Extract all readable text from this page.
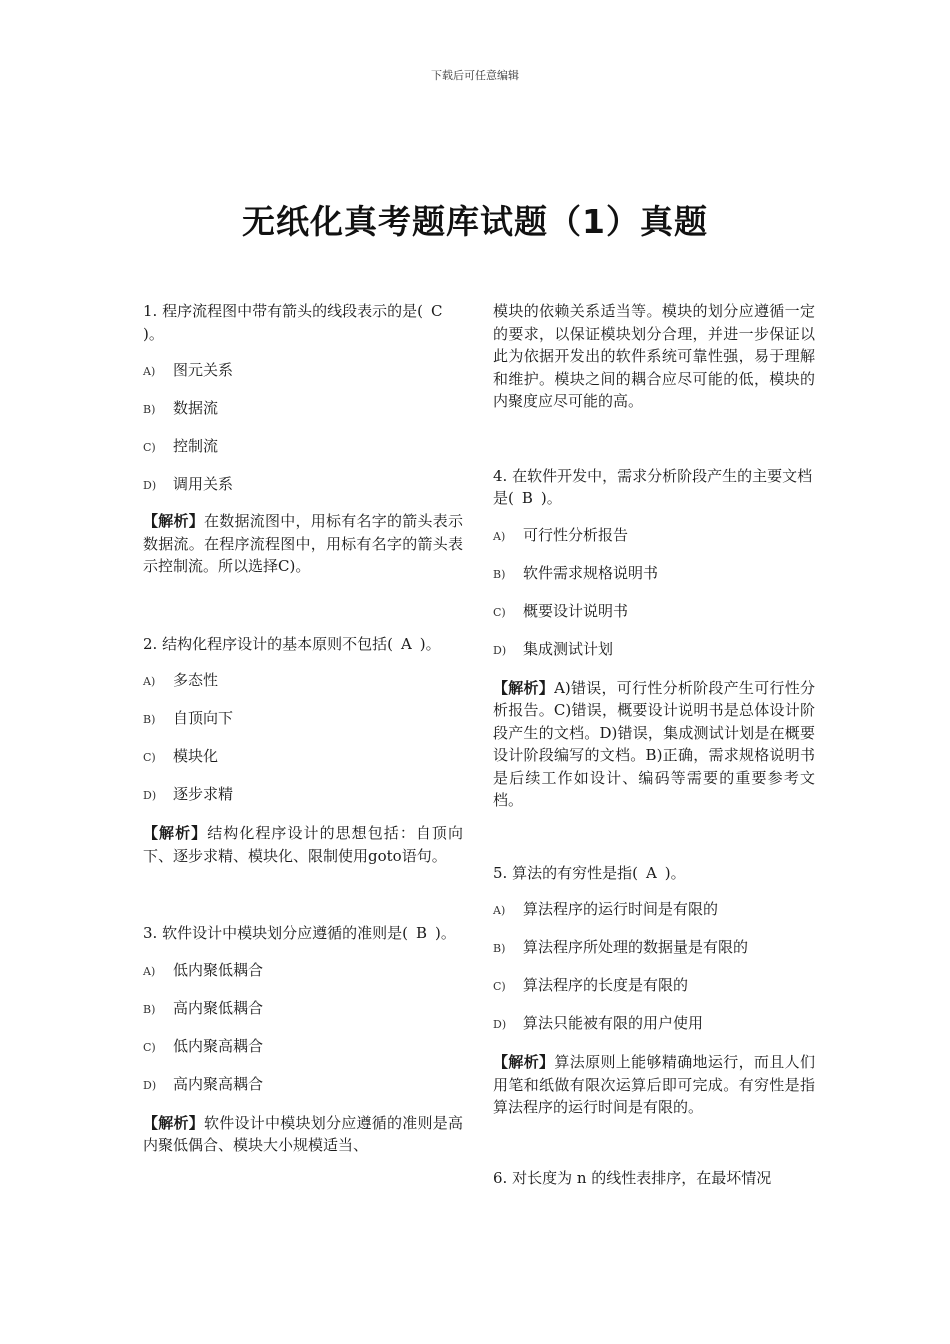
下载后可任意编辑
无纸化真考题库试题（1）真题

1. 程序流程图中带有箭头的线段表示的是( C)。

A) 图元关系
B) 数据流
C) 控制流
D) 调用关系

【解析】在数据流图中，用标有名字的箭头表示数据流。在程序流程图中，用标有名字的箭头表示控制流。所以选择C)。

2. 结构化程序设计的基本原则不包括( A )。

A) 多态性
B) 自顶向下
C) 模块化
D) 逐步求精

【解析】结构化程序设计的思想包括：自顶向下、逐步求精、模块化、限制使用goto语句。

3. 软件设计中模块划分应遵循的准则是( B )。

A) 低内聚低耦合
B) 高内聚低耦合
C) 低内聚高耦合
D) 高内聚高耦合

【解析】软件设计中模块划分应遵循的准则是高内聚低偶合、模块大小规模适当、

模块的依赖关系适当等。模块的划分应遵循一定的要求，以保证模块划分合理，并进一步保证以此为依据开发出的软件系统可靠性强，易于理解和维护。模块之间的耦合应尽可能的低，模块的内聚度应尽可能的高。

4. 在软件开发中，需求分析阶段产生的主要文档是( B )。

A) 可行性分析报告
B) 软件需求规格说明书
C) 概要设计说明书
D) 集成测试计划

【解析】A)错误，可行性分析阶段产生可行性分析报告。C)错误，概要设计说明书是总体设计阶段产生的文档。D)错误，集成测试计划是在概要设计阶段编写的文档。B)正确，需求规格说明书是后续工作如设计、编码等需要的重要参考文档。

5. 算法的有穷性是指( A )。

A) 算法程序的运行时间是有限的
B) 算法程序所处理的数据量是有限的
C) 算法程序的长度是有限的
D) 算法只能被有限的用户使用

【解析】算法原则上能够精确地运行，而且人们用笔和纸做有限次运算后即可完成。有穷性是指算法程序的运行时间是有限的。

6. 对长度为 n 的线性表排序，在最坏情况
